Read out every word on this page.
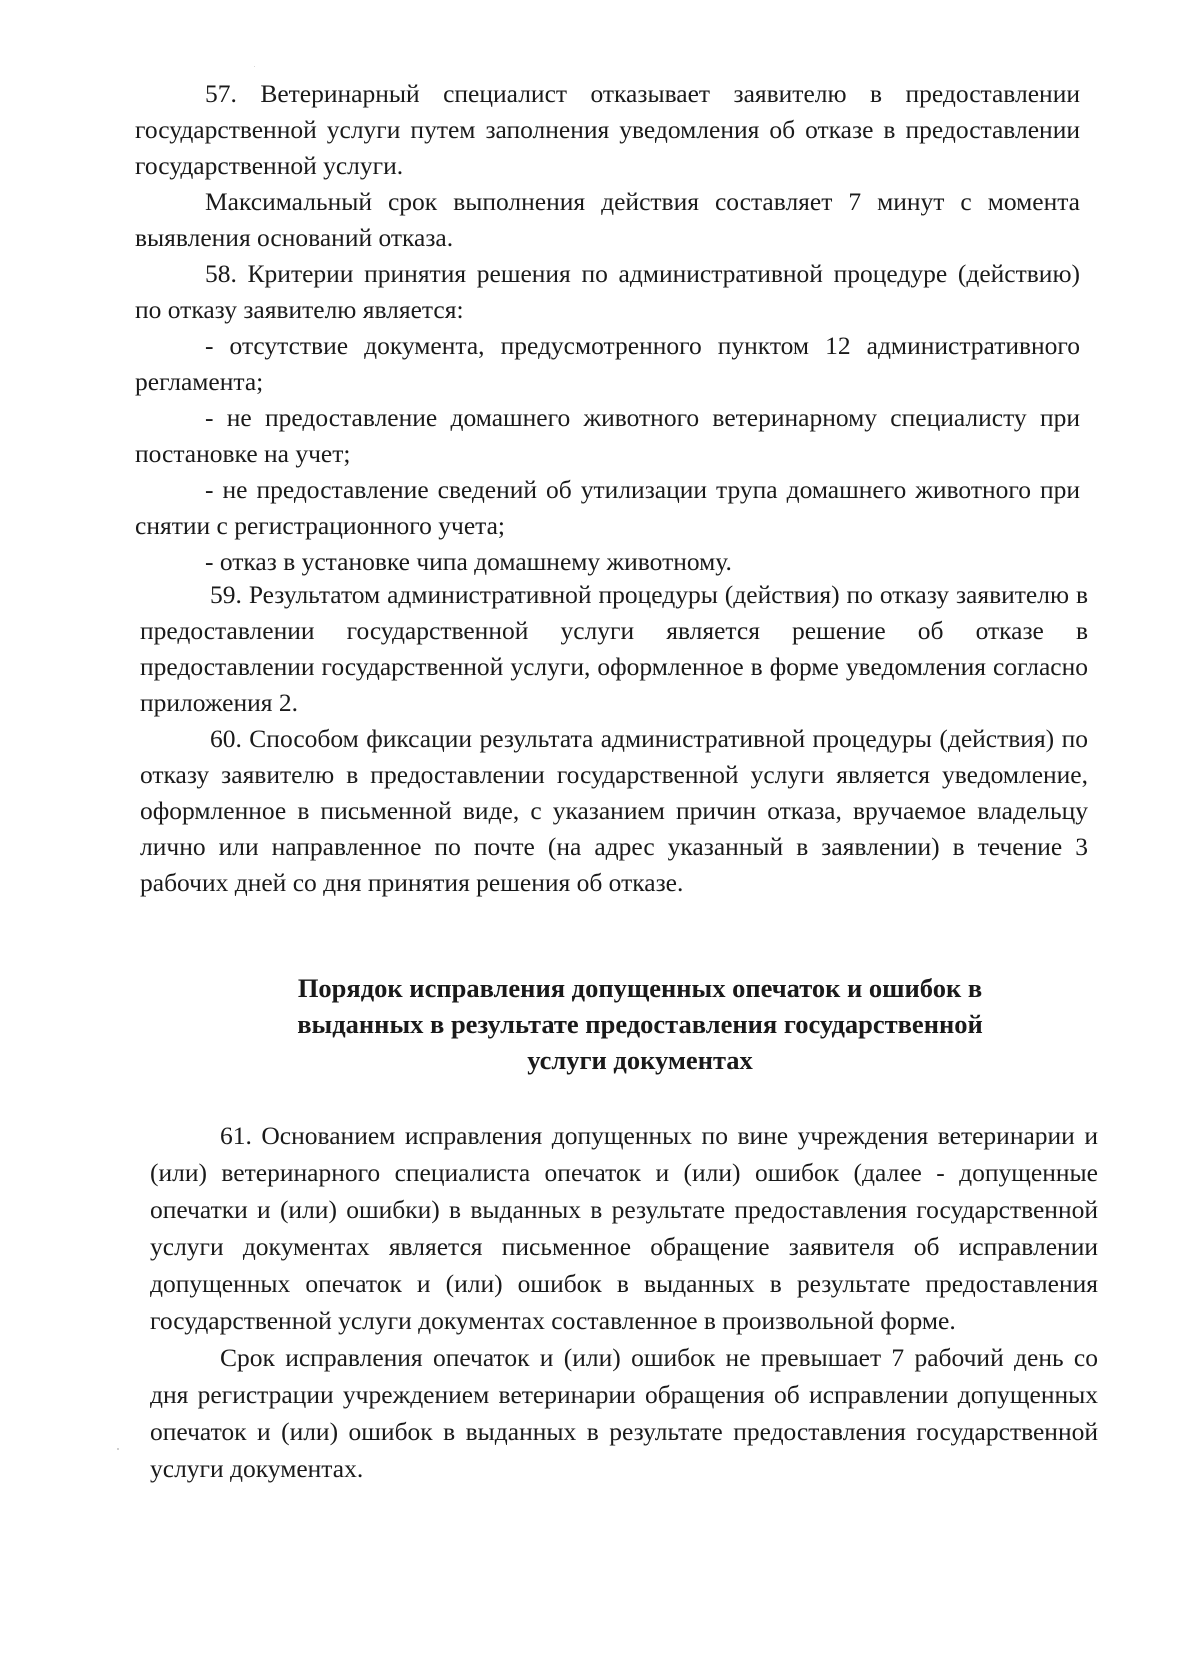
57. Ветеринарный специалист отказывает заявителю в предоставлении государственной услуги путем заполнения уведомления об отказе в предоставлении государственной услуги.

Максимальный срок выполнения действия составляет 7 минут с момента выявления оснований отказа.

58. Критерии принятия решения по административной процедуре (действию) по отказу заявителю является:

- отсутствие документа, предусмотренного пунктом 12 административного регламента;

- не предоставление домашнего животного ветеринарному специалисту при постановке на учет;

- не предоставление сведений об утилизации трупа домашнего животного при снятии с регистрационного учета;

- отказ в установке чипа домашнему животному.

59. Результатом административной процедуры (действия) по отказу заявителю в предоставлении государственной услуги является решение об отказе в предоставлении государственной услуги, оформленное в форме уведомления согласно приложения 2.

60. Способом фиксации результата административной процедуры (действия) по отказу заявителю в предоставлении государственной услуги является уведомление, оформленное в письменной виде, с указанием причин отказа, вручаемое владельцу лично или направленное по почте (на адрес указанный в заявлении) в течение 3 рабочих дней со дня принятия решения об отказе.

Порядок исправления допущенных опечаток и ошибок в
выданных в результате предоставления государственной
услуги документах

61. Основанием исправления допущенных по вине учреждения ветеринарии и (или) ветеринарного специалиста опечаток и (или) ошибок (далее - допущенные опечатки и (или) ошибки) в выданных в результате предоставления государственной услуги документах является письменное обращение заявителя об исправлении допущенных опечаток и (или) ошибок в выданных в результате предоставления государственной услуги документах составленное в произвольной форме.

Срок исправления опечаток и (или) ошибок не превышает 7 рабочий день со дня регистрации учреждением ветеринарии обращения об исправлении допущенных опечаток и (или) ошибок в выданных в результате предоставления государственной услуги документах.
